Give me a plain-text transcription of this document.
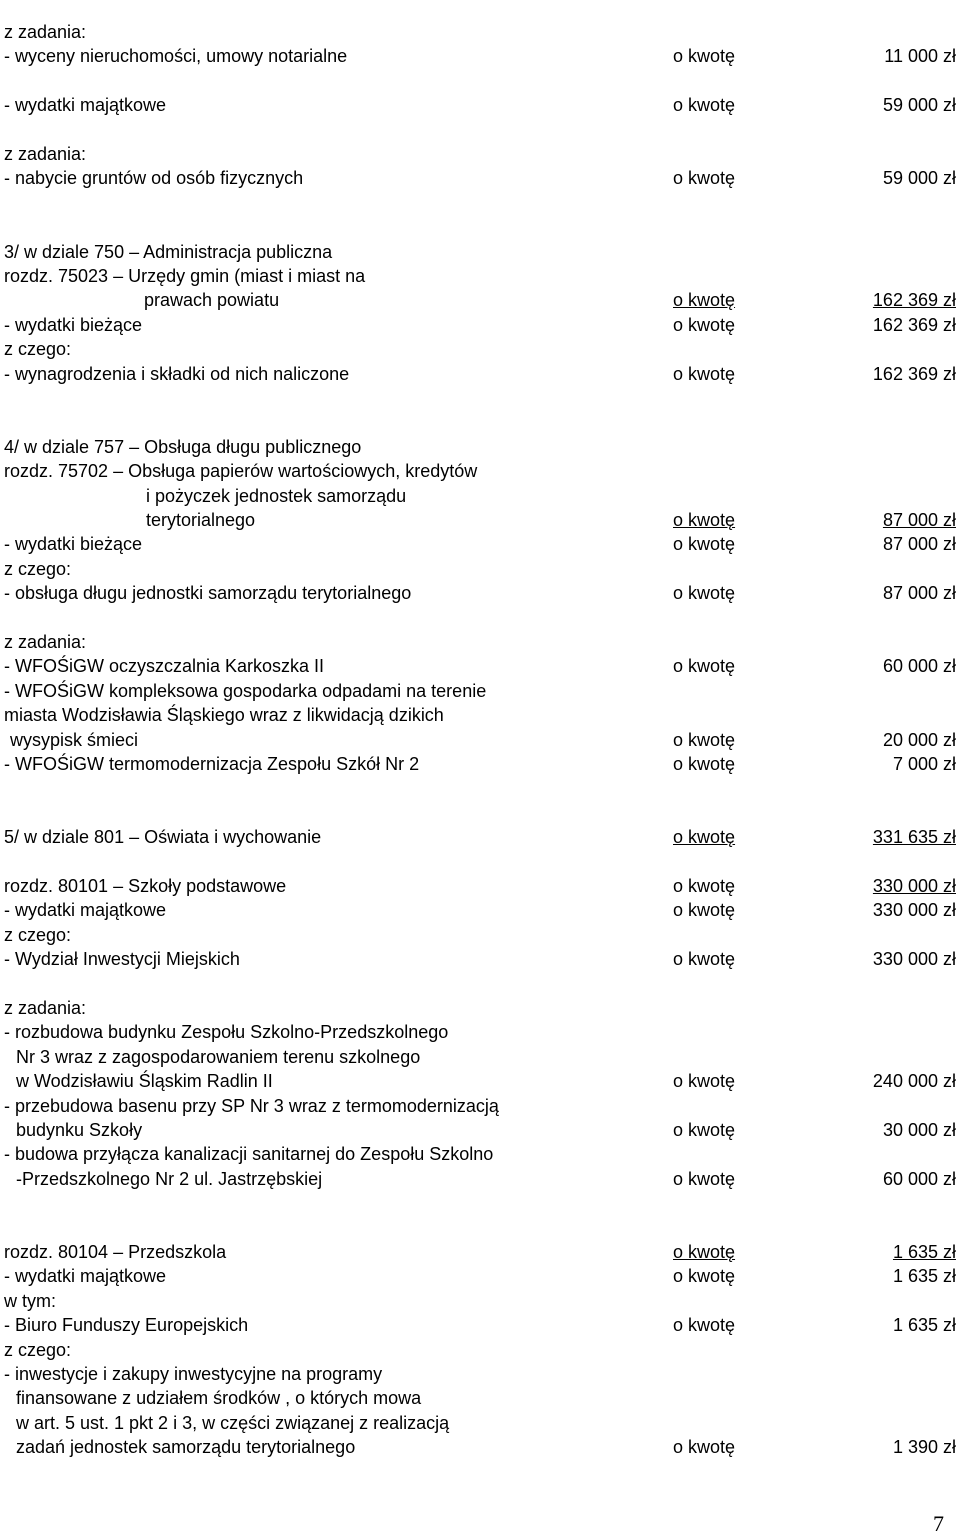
z zadania:
- wyceny nieruchomości, umowy notarialne	o kwotę	11 000 zł
- wydatki majątkowe	o kwotę	59 000 zł
z zadania:
- nabycie gruntów od osób fizycznych	o kwotę	59 000 zł
3/ w dziale 750 – Administracja publiczna
rozdz. 75023 – Urzędy gmin (miast i miast na
prawach powiatu	o kwotę	162 369 zł
- wydatki bieżące	o kwotę	162 369 zł
z czego:
- wynagrodzenia i składki od nich naliczone	o kwotę	162 369 zł
4/ w dziale 757 – Obsługa długu publicznego
rozdz. 75702 – Obsługa papierów wartościowych, kredytów
i pożyczek jednostek samorządu
terytorialnego	o kwotę	87 000 zł
- wydatki bieżące	o kwotę	87 000 zł
z czego:
- obsługa długu jednostki samorządu terytorialnego	o kwotę	87 000 zł
z zadania:
- WFOŚiGW oczyszczalnia Karkoszka II	o kwotę	60 000 zł
- WFOŚiGW kompleksowa gospodarka odpadami na terenie
miasta Wodzisławia Śląskiego wraz z likwidacją dzikich
wysypisk śmieci	o kwotę	20 000 zł
- WFOŚiGW termomodernizacja Zespołu Szkół Nr 2	o kwotę	7 000 zł
5/ w dziale 801 – Oświata i wychowanie	o kwotę	331 635 zł
rozdz. 80101 – Szkoły podstawowe	o kwotę	330 000 zł
- wydatki majątkowe	o kwotę	330 000 zł
z czego:
- Wydział Inwestycji Miejskich	o kwotę	330 000 zł
z zadania:
- rozbudowa budynku Zespołu Szkolno-Przedszkolnego
Nr 3 wraz z zagospodarowaniem terenu szkolnego
w Wodzisławiu Śląskim Radlin II	o kwotę	240 000 zł
- przebudowa basenu przy SP Nr 3 wraz z termomodernizacją
budynku Szkoły	o kwotę	30 000 zł
- budowa przyłącza kanalizacji sanitarnej do Zespołu Szkolno
-Przedszkolnego Nr 2 ul. Jastrzębskiej	o kwotę	60 000 zł
rozdz. 80104 – Przedszkola	o kwotę	1 635 zł
- wydatki majątkowe	o kwotę	1 635 zł
w tym:
- Biuro Funduszy Europejskich	o kwotę	1 635 zł
z czego:
- inwestycje i zakupy inwestycyjne na programy
finansowane z udziałem środków , o których mowa
w art. 5 ust. 1 pkt 2 i 3, w części związanej z realizacją
zadań jednostek samorządu terytorialnego	o kwotę	1 390 zł
7
